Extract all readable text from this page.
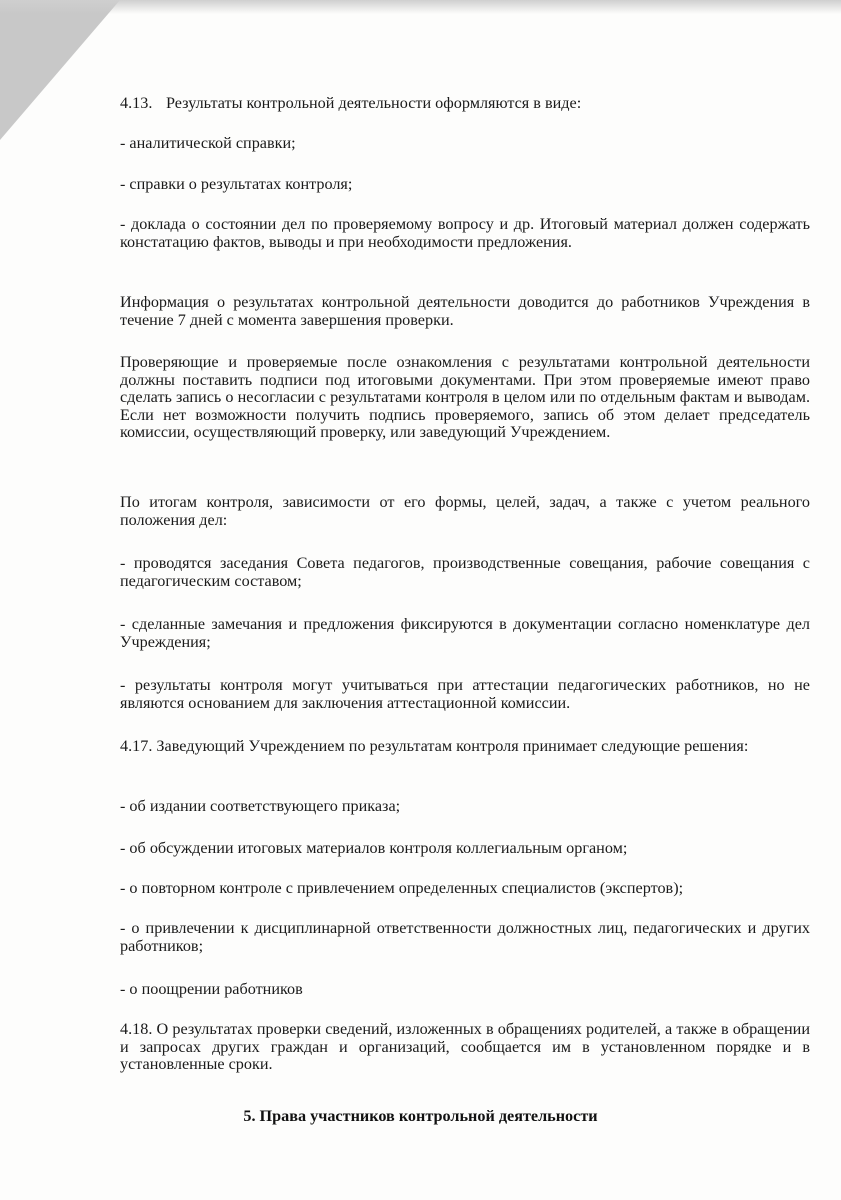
4.13. Результаты контрольной деятельности оформляются в виде:

- аналитической справки;

- справки о результатах контроля;

- доклада о состоянии дел по проверяемому вопросу и др. Итоговый материал должен содержать констатацию фактов, выводы и при необходимости предложения.

Информация о результатах контрольной деятельности доводится до работников Учреждения в течение 7 дней с момента завершения проверки.

Проверяющие и проверяемые после ознакомления с результатами контрольной деятельности должны поставить подписи под итоговыми документами. При этом проверяемые имеют право сделать запись о несогласии с результатами контроля в целом или по отдельным фактам и выводам. Если нет возможности получить подпись проверяемого, запись об этом делает председатель комиссии, осуществляющий проверку, или заведующий Учреждением.

По итогам контроля, зависимости от его формы, целей, задач, а также с учетом реального положения дел:

- проводятся заседания Совета педагогов, производственные совещания, рабочие совещания с педагогическим составом;

- сделанные замечания и предложения фиксируются в документации согласно номенклатуре дел Учреждения;

- результаты контроля могут учитываться при аттестации педагогических работников, но не являются основанием для заключения аттестационной комиссии.

4.17. Заведующий Учреждением по результатам контроля принимает следующие решения:

- об издании соответствующего приказа;

- об обсуждении итоговых материалов контроля коллегиальным органом;

- о повторном контроле с привлечением определенных специалистов (экспертов);

- о привлечении к дисциплинарной ответственности должностных лиц, педагогических и других работников;

- о поощрении работников

4.18. О результатах проверки сведений, изложенных в обращениях родителей, а также в обращении и запросах других граждан и организаций, сообщается им в установленном порядке и в установленные сроки.

5. Права участников контрольной деятельности
